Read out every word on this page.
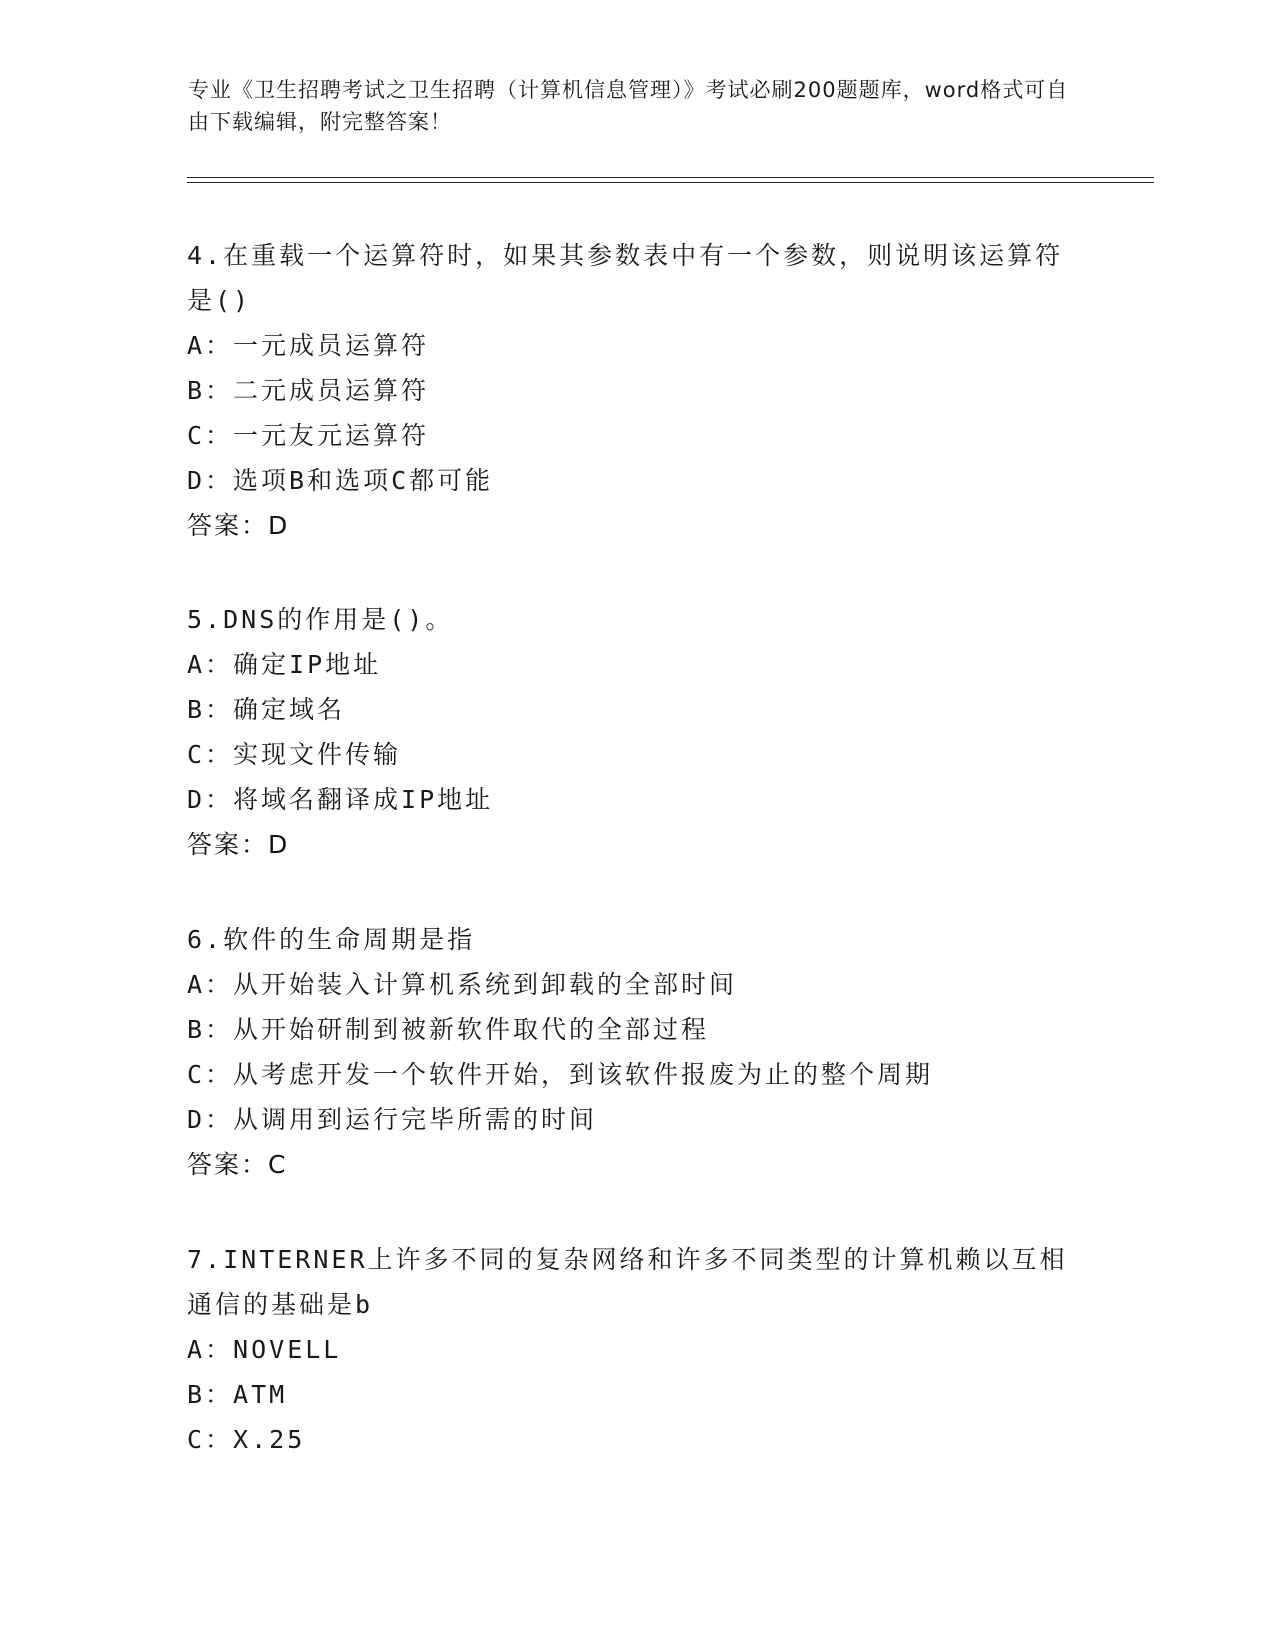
专业《卫生招聘考试之卫生招聘（计算机信息管理）》考试必刷200题题库，word格式可自由下载编辑，附完整答案！

4.在重载一个运算符时，如果其参数表中有一个参数，则说明该运算符是()

A：一元成员运算符

B：二元成员运算符

C：一元友元运算符

D：选项B和选项C都可能

答案：D

5.DNS的作用是()。

A：确定IP地址

B：确定域名

C：实现文件传输

D：将域名翻译成IP地址

答案：D

6.软件的生命周期是指

A：从开始装入计算机系统到卸载的全部时间

B：从开始研制到被新软件取代的全部过程

C：从考虑开发一个软件开始，到该软件报废为止的整个周期

D：从调用到运行完毕所需的时间

答案：C

7.INTERNER上许多不同的复杂网络和许多不同类型的计算机赖以互相通信的基础是b

A：NOVELL

B：ATM

C：X.25
